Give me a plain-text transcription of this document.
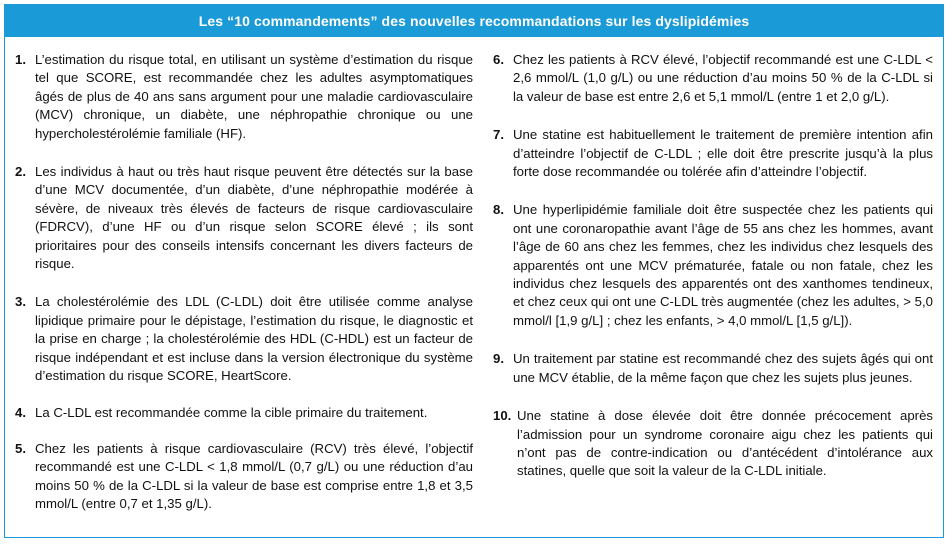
Les “10 commandements” des nouvelles recommandations sur les dyslipidémies
1. L’estimation du risque total, en utilisant un système d’estimation du risque tel que SCORE, est recommandée chez les adultes asymptomatiques âgés de plus de 40 ans sans argument pour une maladie cardiovasculaire (MCV) chronique, un diabète, une néphropathie chronique ou une hypercholestérolémie familiale (HF).
2. Les individus à haut ou très haut risque peuvent être détectés sur la base d’une MCV documentée, d’un diabète, d’une néphropathie modérée à sévère, de niveaux très élevés de facteurs de risque cardiovasculaire (FDRCV), d’une HF ou d’un risque selon SCORE élevé ; ils sont prioritaires pour des conseils intensifs concernant les divers facteurs de risque.
3. La cholestérolémie des LDL (C-LDL) doit être utilisée comme analyse lipidique primaire pour le dépistage, l’estimation du risque, le diagnostic et la prise en charge ; la cholestérolémie des HDL (C-HDL) est un facteur de risque indépendant et est incluse dans la version électronique du système d’estimation du risque SCORE, HeartScore.
4. La C-LDL est recommandée comme la cible primaire du traitement.
5. Chez les patients à risque cardiovasculaire (RCV) très élevé, l’objectif recommandé est une C-LDL < 1,8 mmol/L (0,7 g/L) ou une réduction d’au moins 50 % de la C-LDL si la valeur de base est comprise entre 1,8 et 3,5 mmol/L (entre 0,7 et 1,35 g/L).
6. Chez les patients à RCV élevé, l’objectif recommandé est une C-LDL < 2,6 mmol/L (1,0 g/L) ou une réduction d’au moins 50 % de la C-LDL si la valeur de base est entre 2,6 et 5,1 mmol/L (entre 1 et 2,0 g/L).
7. Une statine est habituellement le traitement de première intention afin d’atteindre l’objectif de C-LDL ; elle doit être prescrite jusqu’à la plus forte dose recommandée ou tolérée afin d’atteindre l’objectif.
8. Une hyperlipidémie familiale doit être suspectée chez les patients qui ont une coronaropathie avant l’âge de 55 ans chez les hommes, avant l’âge de 60 ans chez les femmes, chez les individus chez lesquels des apparentés ont une MCV prématurée, fatale ou non fatale, chez les individus chez lesquels des apparentés ont des xanthomes tendineux, et chez ceux qui ont une C-LDL très augmentée (chez les adultes, > 5,0 mmol/l [1,9 g/L] ; chez les enfants, > 4,0 mmol/L [1,5 g/L]).
9. Un traitement par statine est recommandé chez des sujets âgés qui ont une MCV établie, de la même façon que chez les sujets plus jeunes.
10. Une statine à dose élevée doit être donnée précocement après l’admission pour un syndrome coronaire aigu chez les patients qui n’ont pas de contre-indication ou d’antécédent d’intolérance aux statines, quelle que soit la valeur de la C-LDL initiale.
